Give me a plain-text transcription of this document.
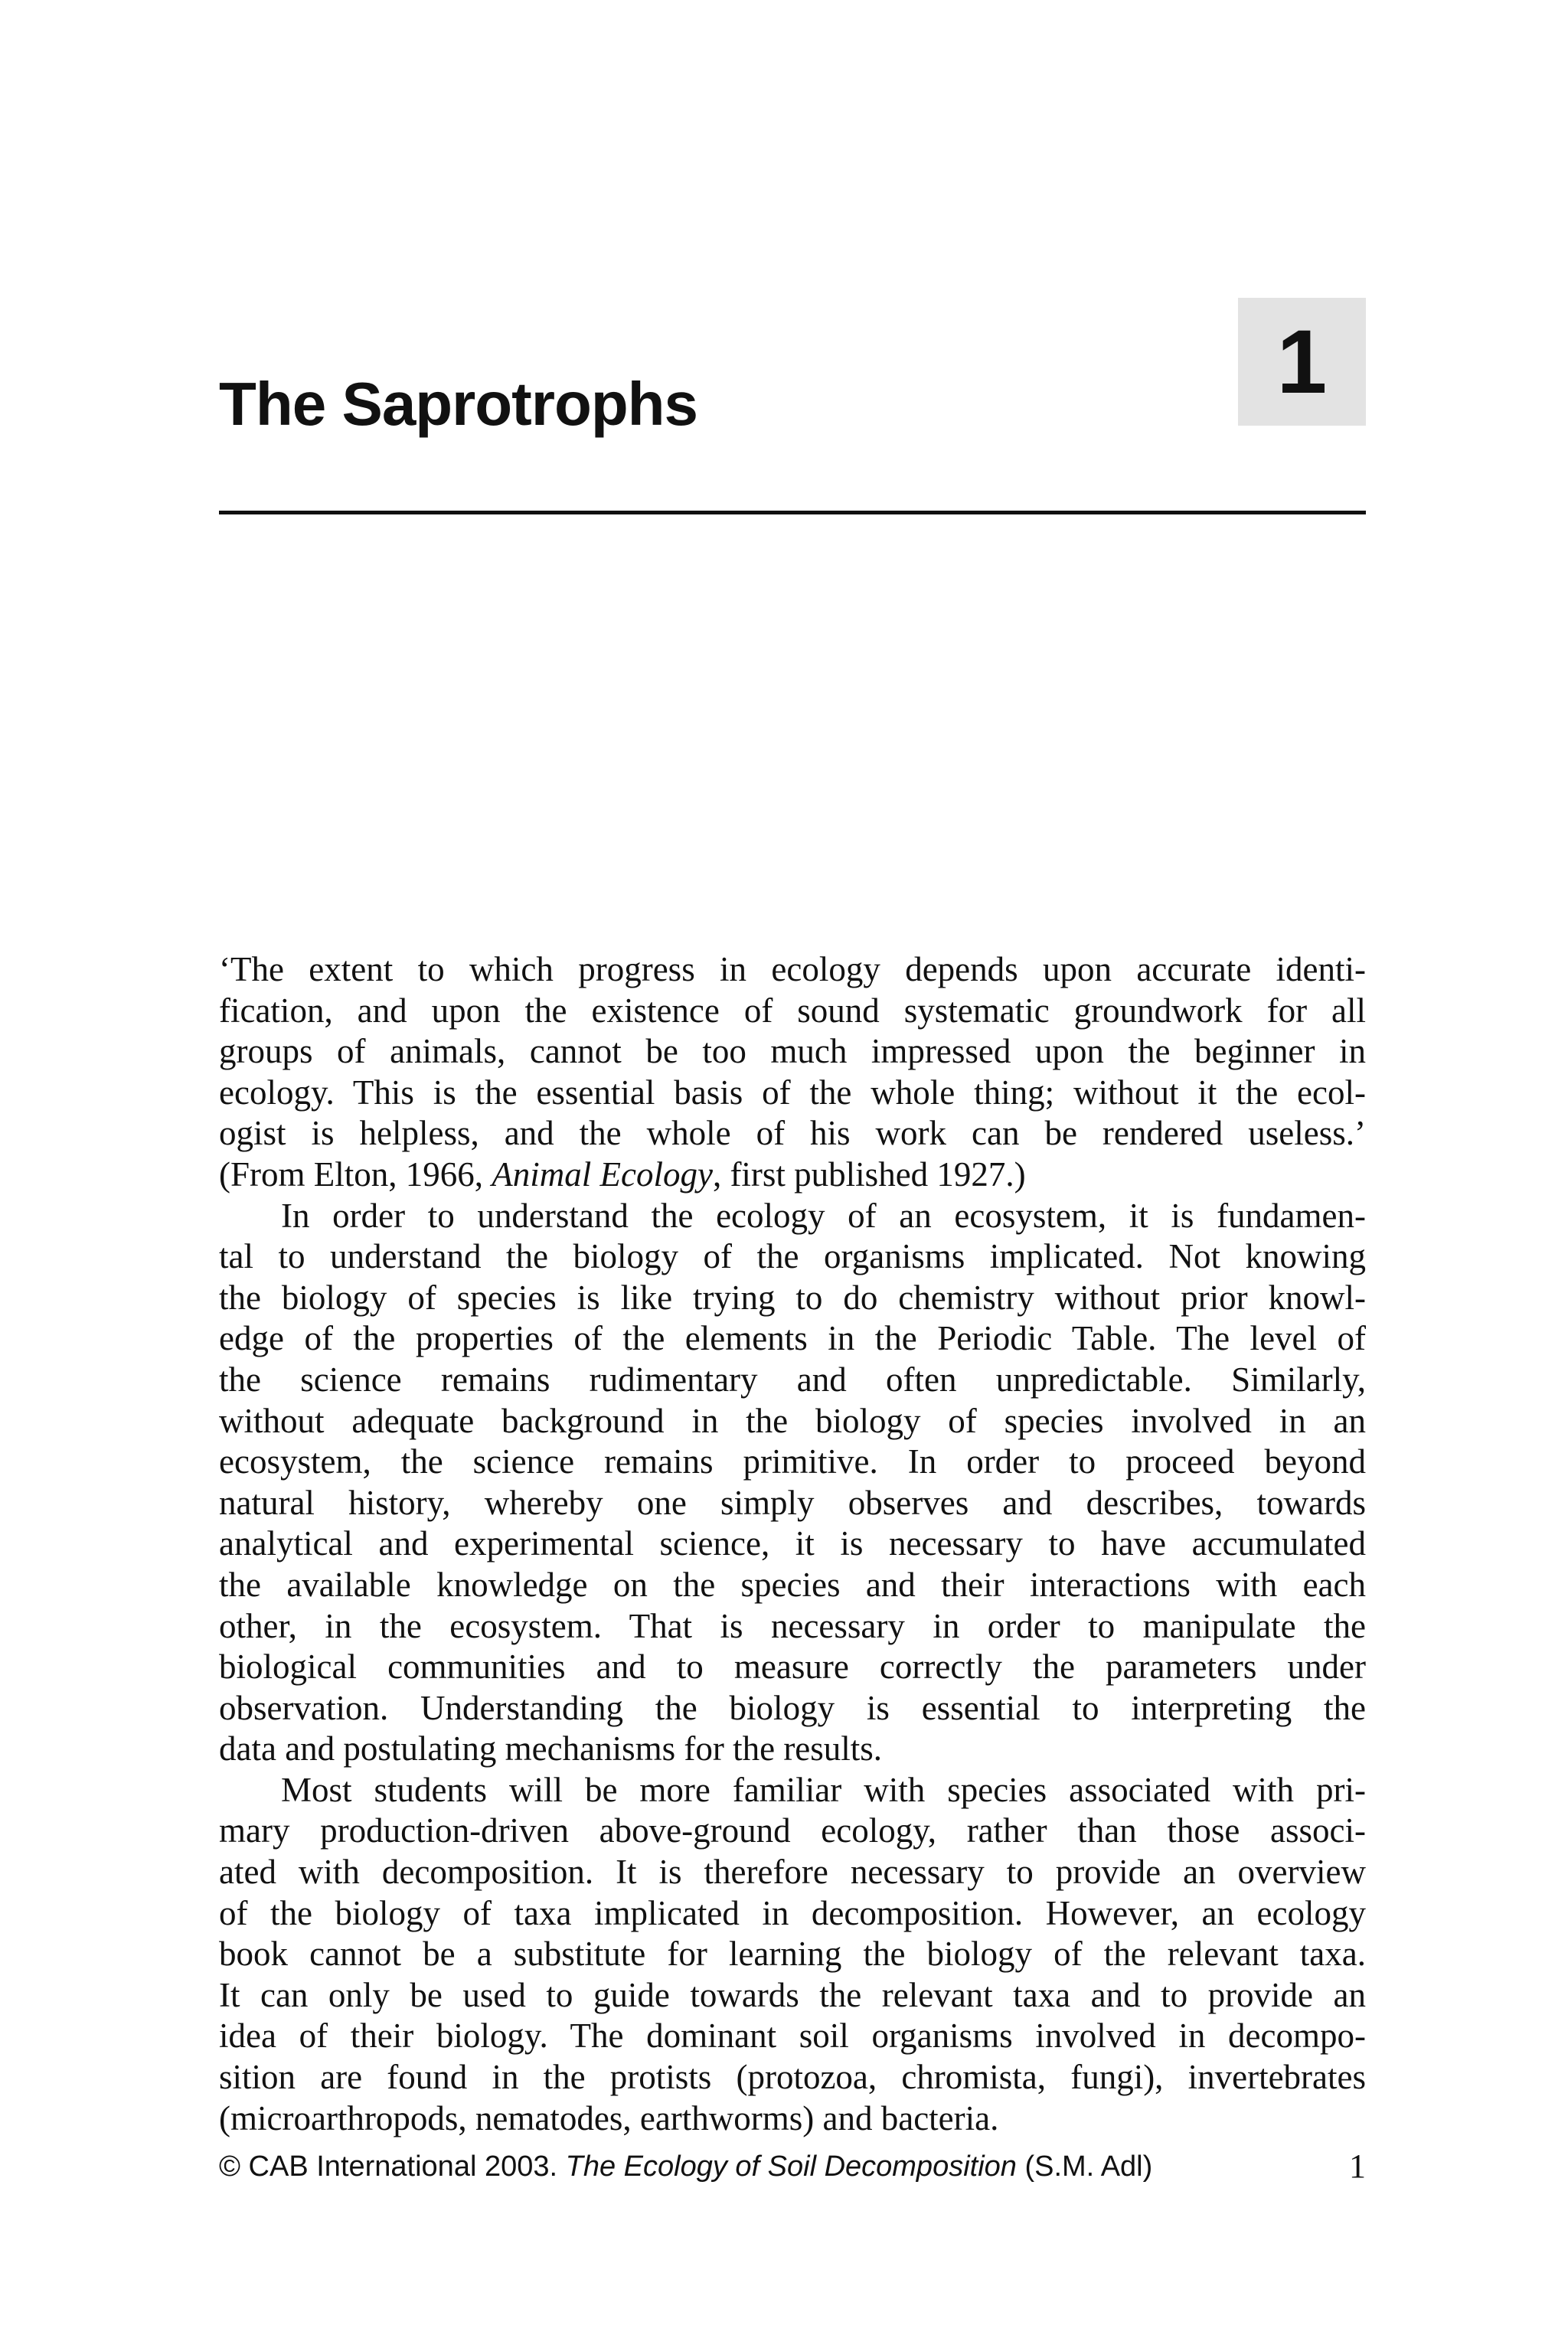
The Saprotrophs	1
‘The extent to which progress in ecology depends upon accurate identi-
fication, and upon the existence of sound systematic groundwork for all
groups of animals, cannot be too much impressed upon the beginner in
ecology. This is the essential basis of the whole thing; without it the ecol-
ogist is helpless, and the whole of his work can be rendered useless.’
(From Elton, 1966, Animal Ecology, first published 1927.)
In order to understand the ecology of an ecosystem, it is fundamen-
tal to understand the biology of the organisms implicated. Not knowing
the biology of species is like trying to do chemistry without prior knowl-
edge of the properties of the elements in the Periodic Table. The level of
the science remains rudimentary and often unpredictable. Similarly,
without adequate background in the biology of species involved in an
ecosystem, the science remains primitive. In order to proceed beyond
natural history, whereby one simply observes and describes, towards
analytical and experimental science, it is necessary to have accumulated
the available knowledge on the species and their interactions with each
other, in the ecosystem. That is necessary in order to manipulate the
biological communities and to measure correctly the parameters under
observation. Understanding the biology is essential to interpreting the
data and postulating mechanisms for the results.
Most students will be more familiar with species associated with pri-
mary production-driven above-ground ecology, rather than those associ-
ated with decomposition. It is therefore necessary to provide an overview
of the biology of taxa implicated in decomposition. However, an ecology
book cannot be a substitute for learning the biology of the relevant taxa.
It can only be used to guide towards the relevant taxa and to provide an
idea of their biology. The dominant soil organisms involved in decompo-
sition are found in the protists (protozoa, chromista, fungi), invertebrates
(microarthropods, nematodes, earthworms) and bacteria.
© CAB International 2003. The Ecology of Soil Decomposition (S.M. Adl)	1
